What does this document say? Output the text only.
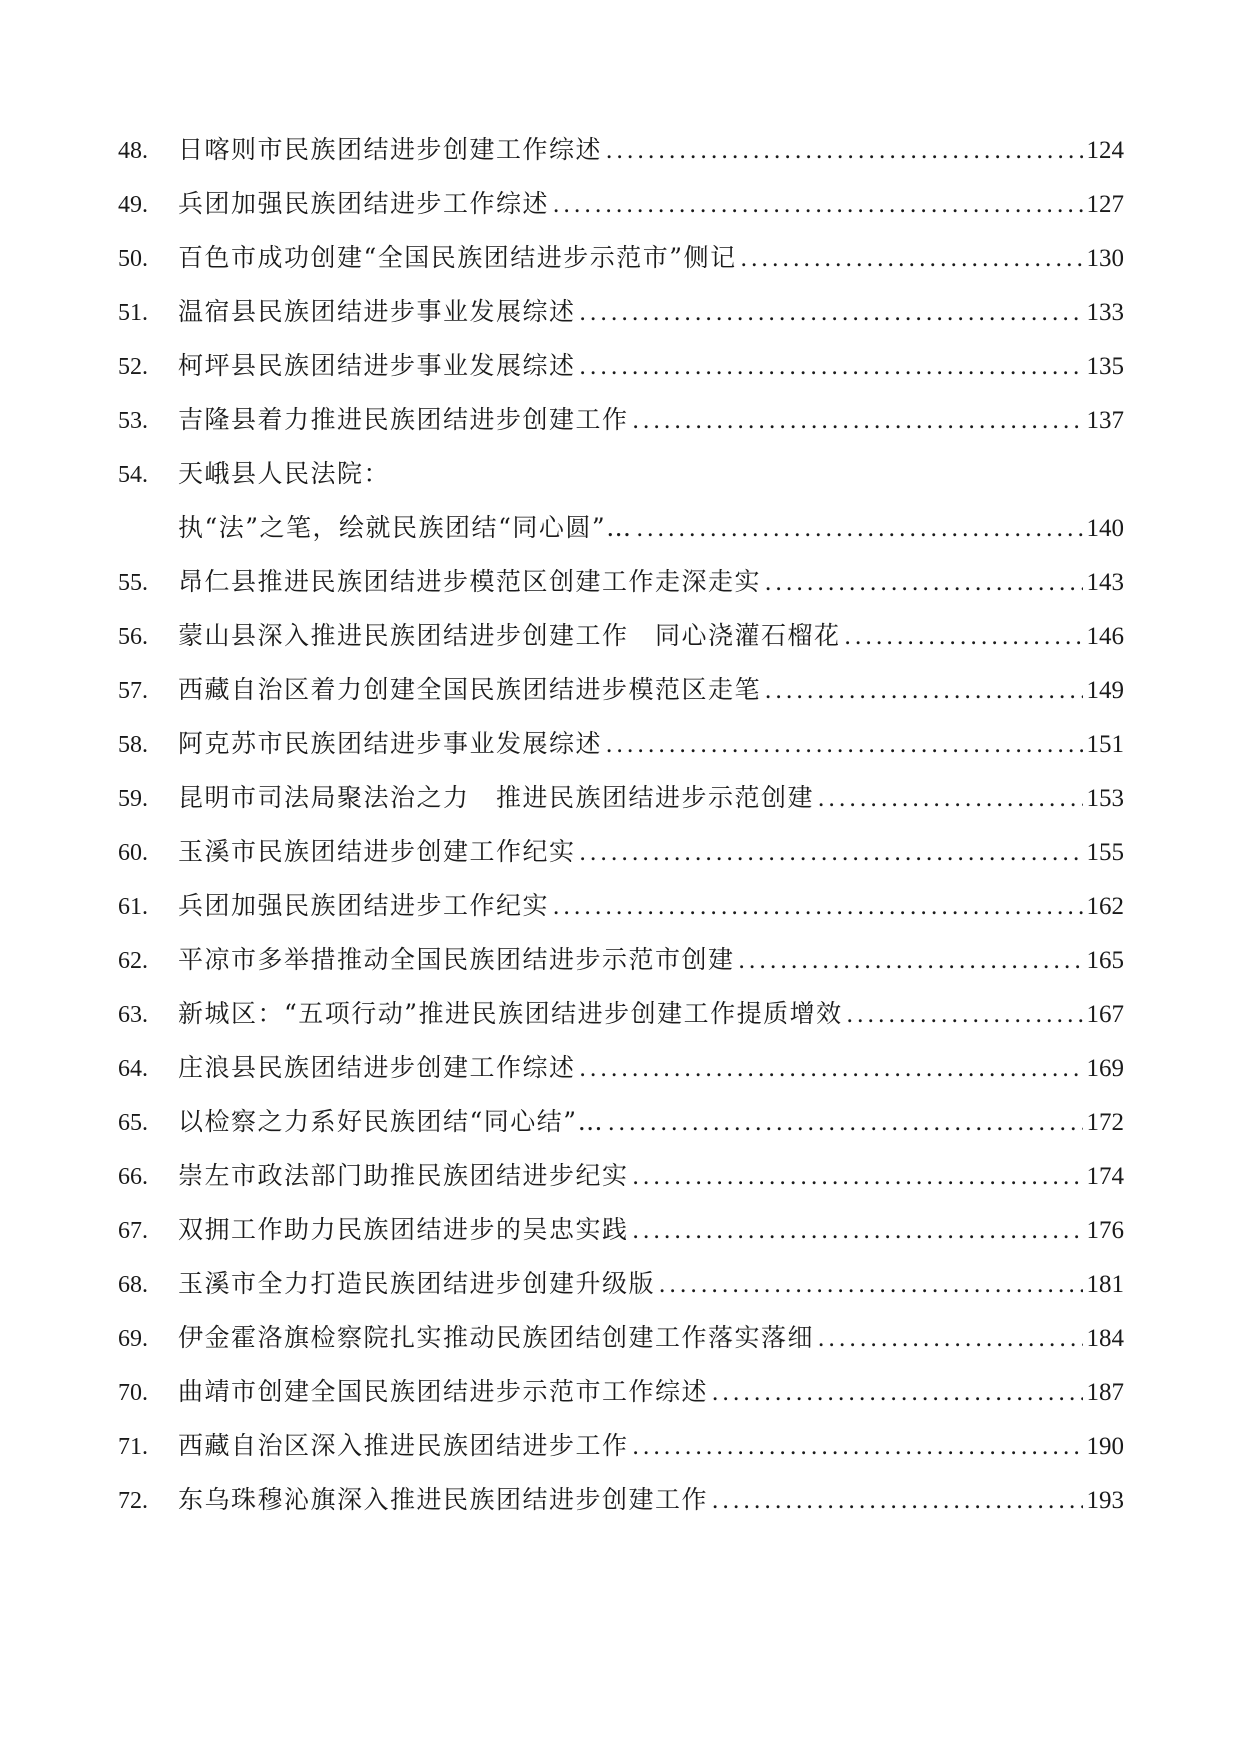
48.	日喀则市民族团结进步创建工作综述 . . .	124
49.	兵团加强民族团结进步工作综述 . . .	127
50.	百色市成功创建“全国民族团结进步示范市”侧记 . . .	130
51.	温宿县民族团结进步事业发展综述 . . .	133
52.	柯坪县民族团结进步事业发展综述 . . .	135
53.	吉隆县着力推进民族团结进步创建工作 . . .	137
54.	天峨县人民法院：
执“法”之笔，绘就民族团结“同心圆”… . . .	140
55.	昂仁县推进民族团结进步模范区创建工作走深走实 . . .	143
56.	蒙山县深入推进民族团结进步创建工作　同心浇灌石榴花 . . .	146
57.	西藏自治区着力创建全国民族团结进步模范区走笔 . . .	149
58.	阿克苏市民族团结进步事业发展综述 . . .	151
59.	昆明市司法局聚法治之力　推进民族团结进步示范创建 . . .	153
60.	玉溪市民族团结进步创建工作纪实 . . .	155
61.	兵团加强民族团结进步工作纪实 . . .	162
62.	平凉市多举措推动全国民族团结进步示范市创建 . . .	165
63.	新城区：“五项行动”推进民族团结进步创建工作提质增效 . . .	167
64.	庄浪县民族团结进步创建工作综述 . . .	169
65.	以检察之力系好民族团结“同心结”… . . .	172
66.	崇左市政法部门助推民族团结进步纪实 . . .	174
67.	双拥工作助力民族团结进步的吴忠实践 . . .	176
68.	玉溪市全力打造民族团结进步创建升级版 . . .	181
69.	伊金霍洛旗检察院扎实推动民族团结创建工作落实落细 . . .	184
70.	曲靖市创建全国民族团结进步示范市工作综述 . . .	187
71.	西藏自治区深入推进民族团结进步工作 . . .	190
72.	东乌珠穆沁旗深入推进民族团结进步创建工作 . . .	193
